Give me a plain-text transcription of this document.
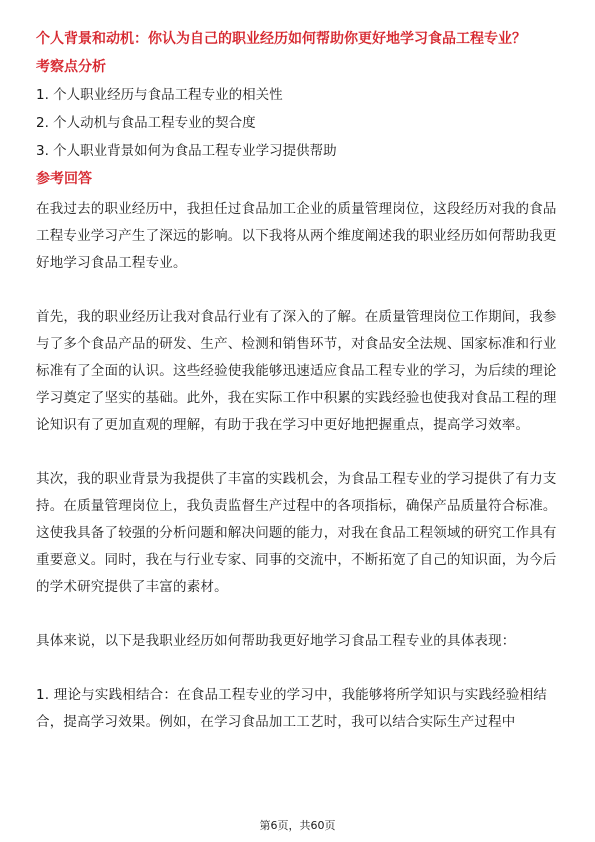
个人背景和动机：你认为自己的职业经历如何帮助你更好地学习食品工程专业？
考察点分析
1. 个人职业经历与食品工程专业的相关性
2. 个人动机与食品工程专业的契合度
3. 个人职业背景如何为食品工程专业学习提供帮助
参考回答

在我过去的职业经历中，我担任过食品加工企业的质量管理岗位，这段经历对我的食品工程专业学习产生了深远的影响。以下我将从两个维度阐述我的职业经历如何帮助我更好地学习食品工程专业。

首先，我的职业经历让我对食品行业有了深入的了解。在质量管理岗位工作期间，我参与了多个食品产品的研发、生产、检测和销售环节，对食品安全法规、国家标准和行业标准有了全面的认识。这些经验使我能够迅速适应食品工程专业的学习，为后续的理论学习奠定了坚实的基础。此外，我在实际工作中积累的实践经验也使我对食品工程的理论知识有了更加直观的理解，有助于我在学习中更好地把握重点，提高学习效率。

其次，我的职业背景为我提供了丰富的实践机会，为食品工程专业的学习提供了有力支持。在质量管理岗位上，我负责监督生产过程中的各项指标，确保产品质量符合标准。这使我具备了较强的分析问题和解决问题的能力，对我在食品工程领域的研究工作具有重要意义。同时，我在与行业专家、同事的交流中，不断拓宽了自己的知识面，为今后的学术研究提供了丰富的素材。

具体来说，以下是我职业经历如何帮助我更好地学习食品工程专业的具体表现：

1. 理论与实践相结合：在食品工程专业的学习中，我能够将所学知识与实践经验相结合，提高学习效果。例如，在学习食品加工工艺时，我可以结合实际生产过程中

第6页，共60页
